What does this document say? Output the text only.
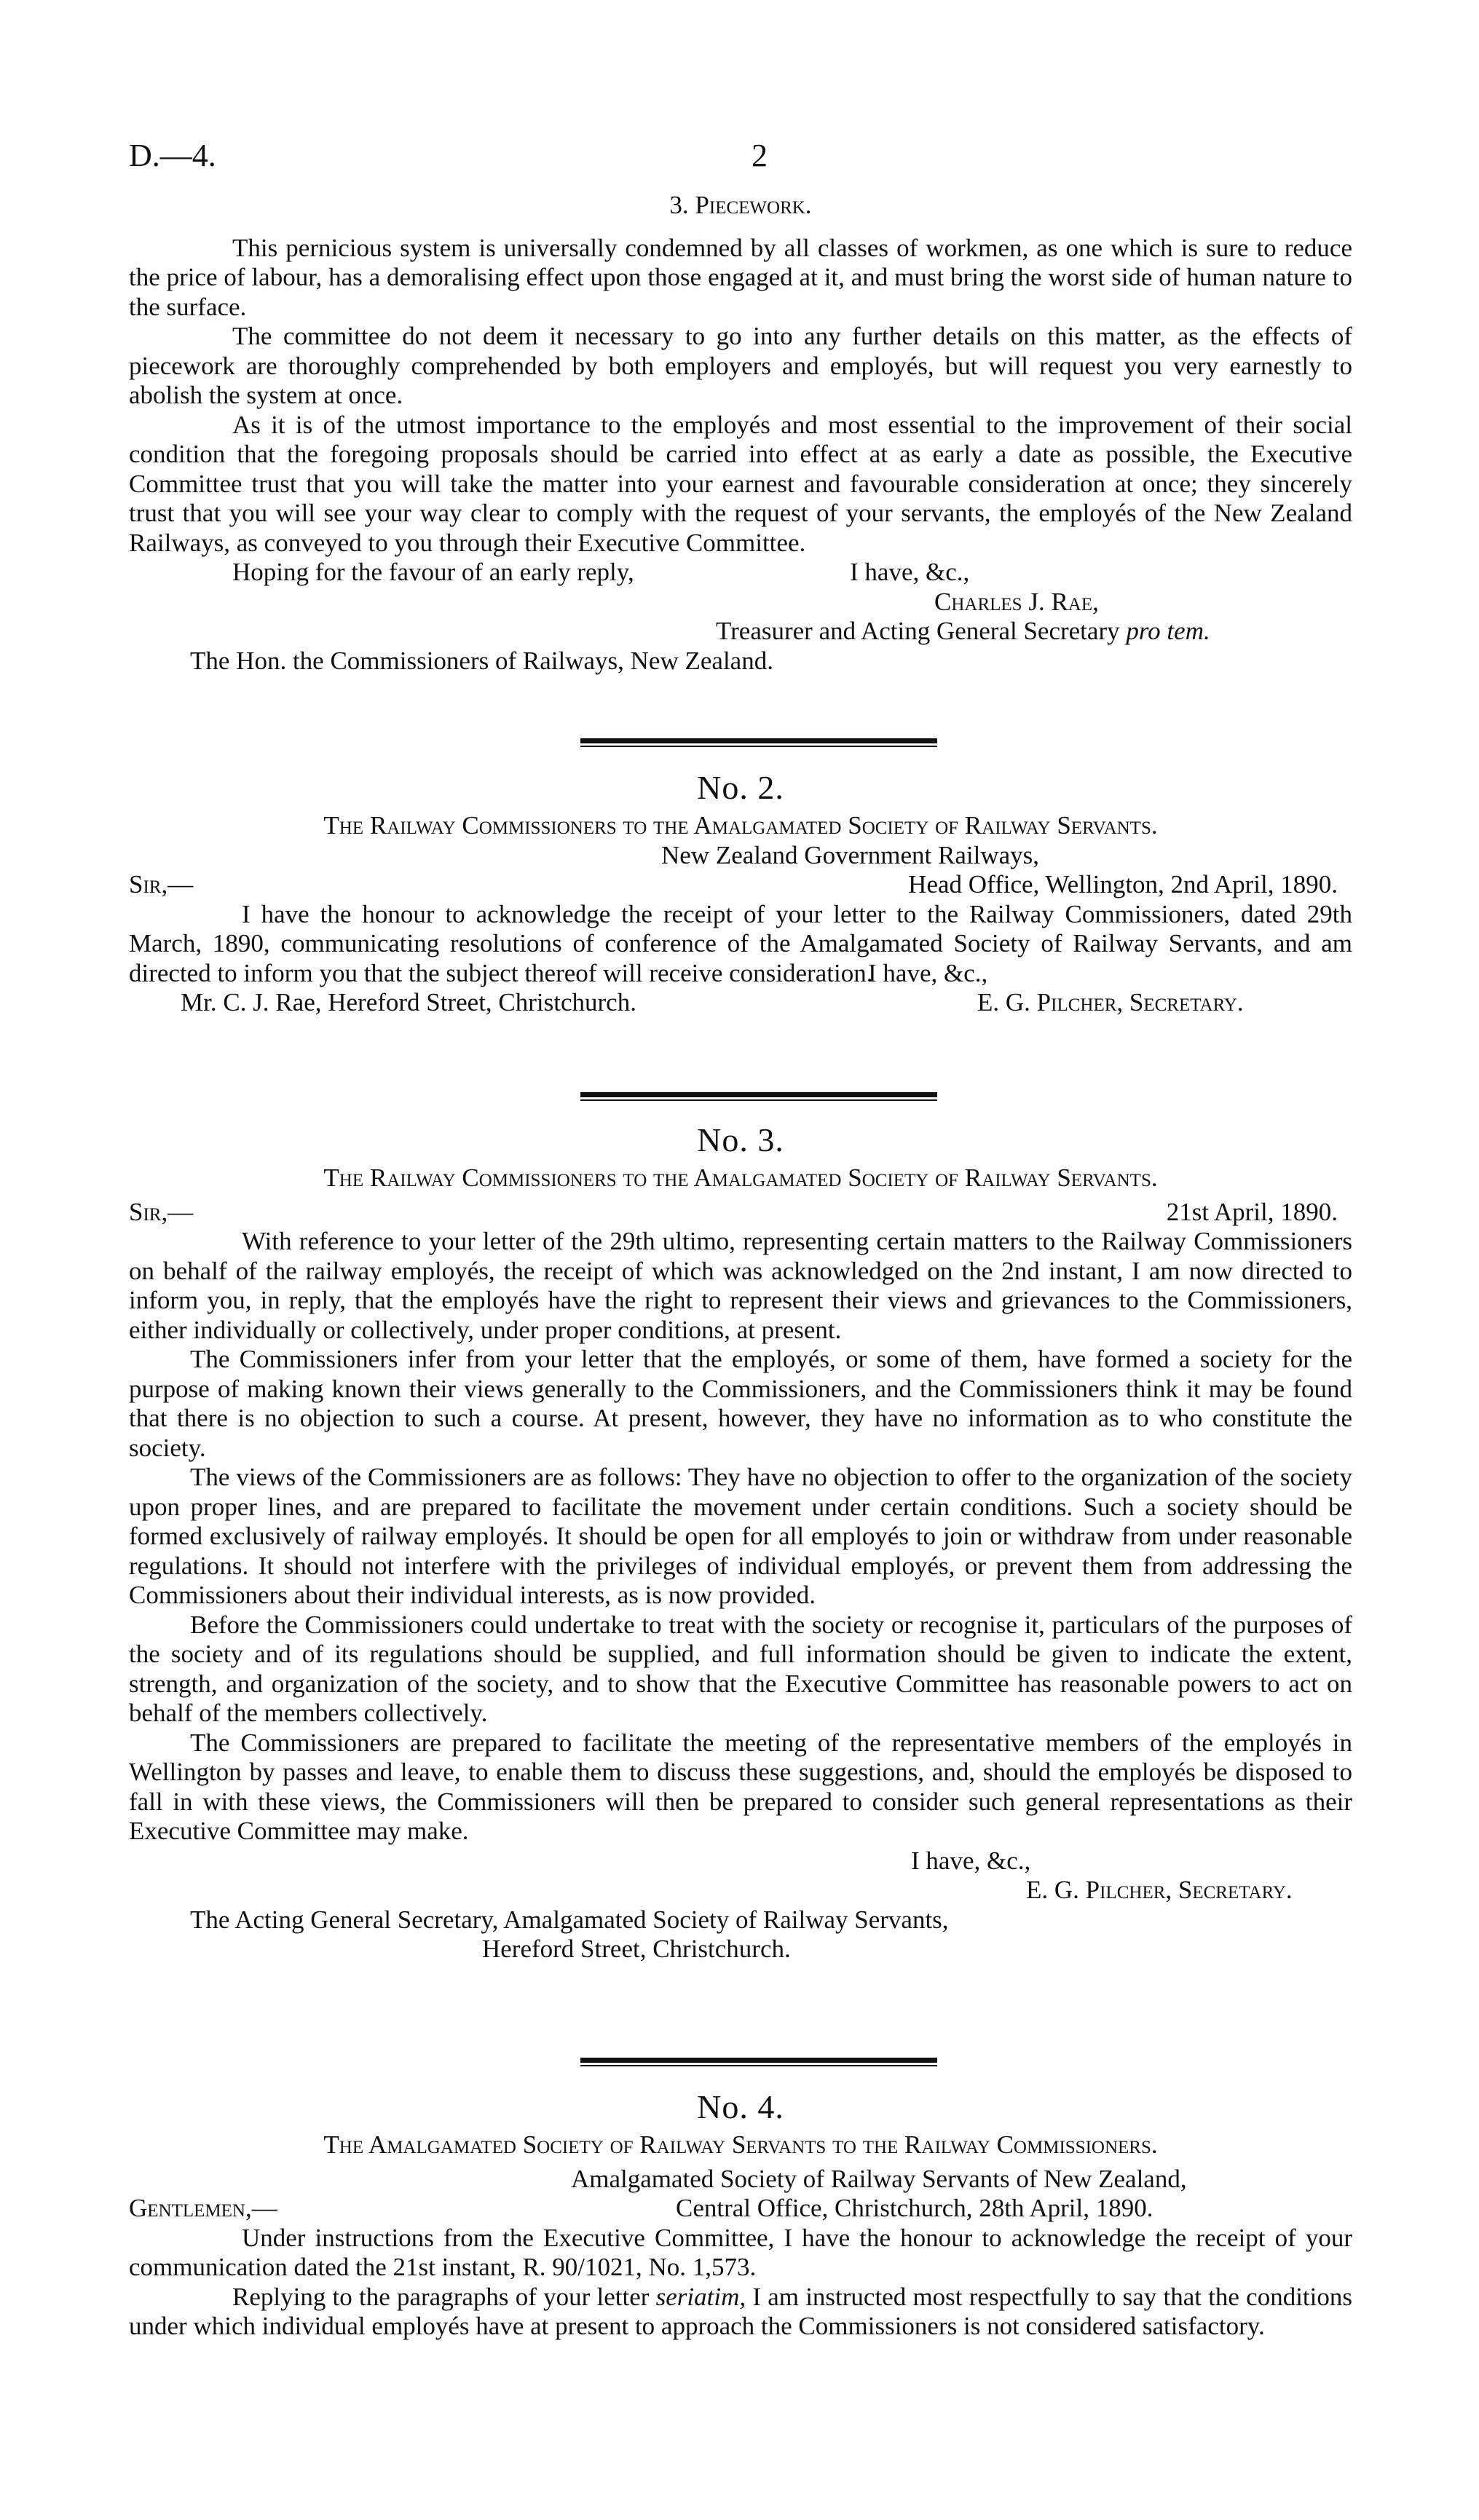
D.—4.	2
3. Piecework.

This pernicious system is universally condemned by all classes of workmen, as one which is sure to reduce the price of labour, has a demoralising effect upon those engaged at it, and must bring the worst side of human nature to the surface.

The committee do not deem it necessary to go into any further details on this matter, as the effects of piecework are thoroughly comprehended by both employers and employés, but will request you very earnestly to abolish the system at once.

As it is of the utmost importance to the employés and most essential to the improvement of their social condition that the foregoing proposals should be carried into effect at as early a date as possible, the Executive Committee trust that you will take the matter into your earnest and favourable consideration at once; they sincerely trust that you will see your way clear to comply with the request of your servants, the employés of the New Zealand Railways, as conveyed to you through their Executive Committee.

Hoping for the favour of an early reply,	I have, &c.,
Charles J. Rae,
Treasurer and Acting General Secretary pro tem.
The Hon. the Commissioners of Railways, New Zealand.
No. 2.
The Railway Commissioners to the Amalgamated Society of Railway Servants.
New Zealand Government Railways,
Sir,—	Head Office, Wellington, 2nd April, 1890.

I have the honour to acknowledge the receipt of your letter to the Railway Commissioners, dated 29th March, 1890, communicating resolutions of conference of the Amalgamated Society of Railway Servants, and am directed to inform you that the subject thereof will receive consideration.

I have, &c.,
Mr. C. J. Rae, Hereford Street, Christchurch.	E. G. Pilcher, Secretary.
No. 3.
The Railway Commissioners to the Amalgamated Society of Railway Servants.
Sir,—	21st April, 1890.

With reference to your letter of the 29th ultimo, representing certain matters to the Railway Commissioners on behalf of the railway employés, the receipt of which was acknowledged on the 2nd instant, I am now directed to inform you, in reply, that the employés have the right to represent their views and grievances to the Commissioners, either individually or collectively, under proper conditions, at present.

The Commissioners infer from your letter that the employés, or some of them, have formed a society for the purpose of making known their views generally to the Commissioners, and the Commissioners think it may be found that there is no objection to such a course. At present, however, they have no information as to who constitute the society.

The views of the Commissioners are as follows: They have no objection to offer to the organization of the society upon proper lines, and are prepared to facilitate the movement under certain conditions. Such a society should be formed exclusively of railway employés. It should be open for all employés to join or withdraw from under reasonable regulations. It should not interfere with the privileges of individual employés, or prevent them from addressing the Commissioners about their individual interests, as is now provided.

Before the Commissioners could undertake to treat with the society or recognise it, particulars of the purposes of the society and of its regulations should be supplied, and full information should be given to indicate the extent, strength, and organization of the society, and to show that the Executive Committee has reasonable powers to act on behalf of the members collectively.

The Commissioners are prepared to facilitate the meeting of the representative members of the employés in Wellington by passes and leave, to enable them to discuss these suggestions, and, should the employés be disposed to fall in with these views, the Commissioners will then be prepared to consider such general representations as their Executive Committee may make.

I have, &c.,
E. G. Pilcher, Secretary.
The Acting General Secretary, Amalgamated Society of Railway Servants,
Hereford Street, Christchurch.
No. 4.
The Amalgamated Society of Railway Servants to the Railway Commissioners.
Amalgamated Society of Railway Servants of New Zealand,
Gentlemen,—	Central Office, Christchurch, 28th April, 1890.

Under instructions from the Executive Committee, I have the honour to acknowledge the receipt of your communication dated the 21st instant, R. 90/1021, No. 1,573.

Replying to the paragraphs of your letter seriatim, I am instructed most respectfully to say that the conditions under which individual employés have at present to approach the Commissioners is not considered satisfactory.
